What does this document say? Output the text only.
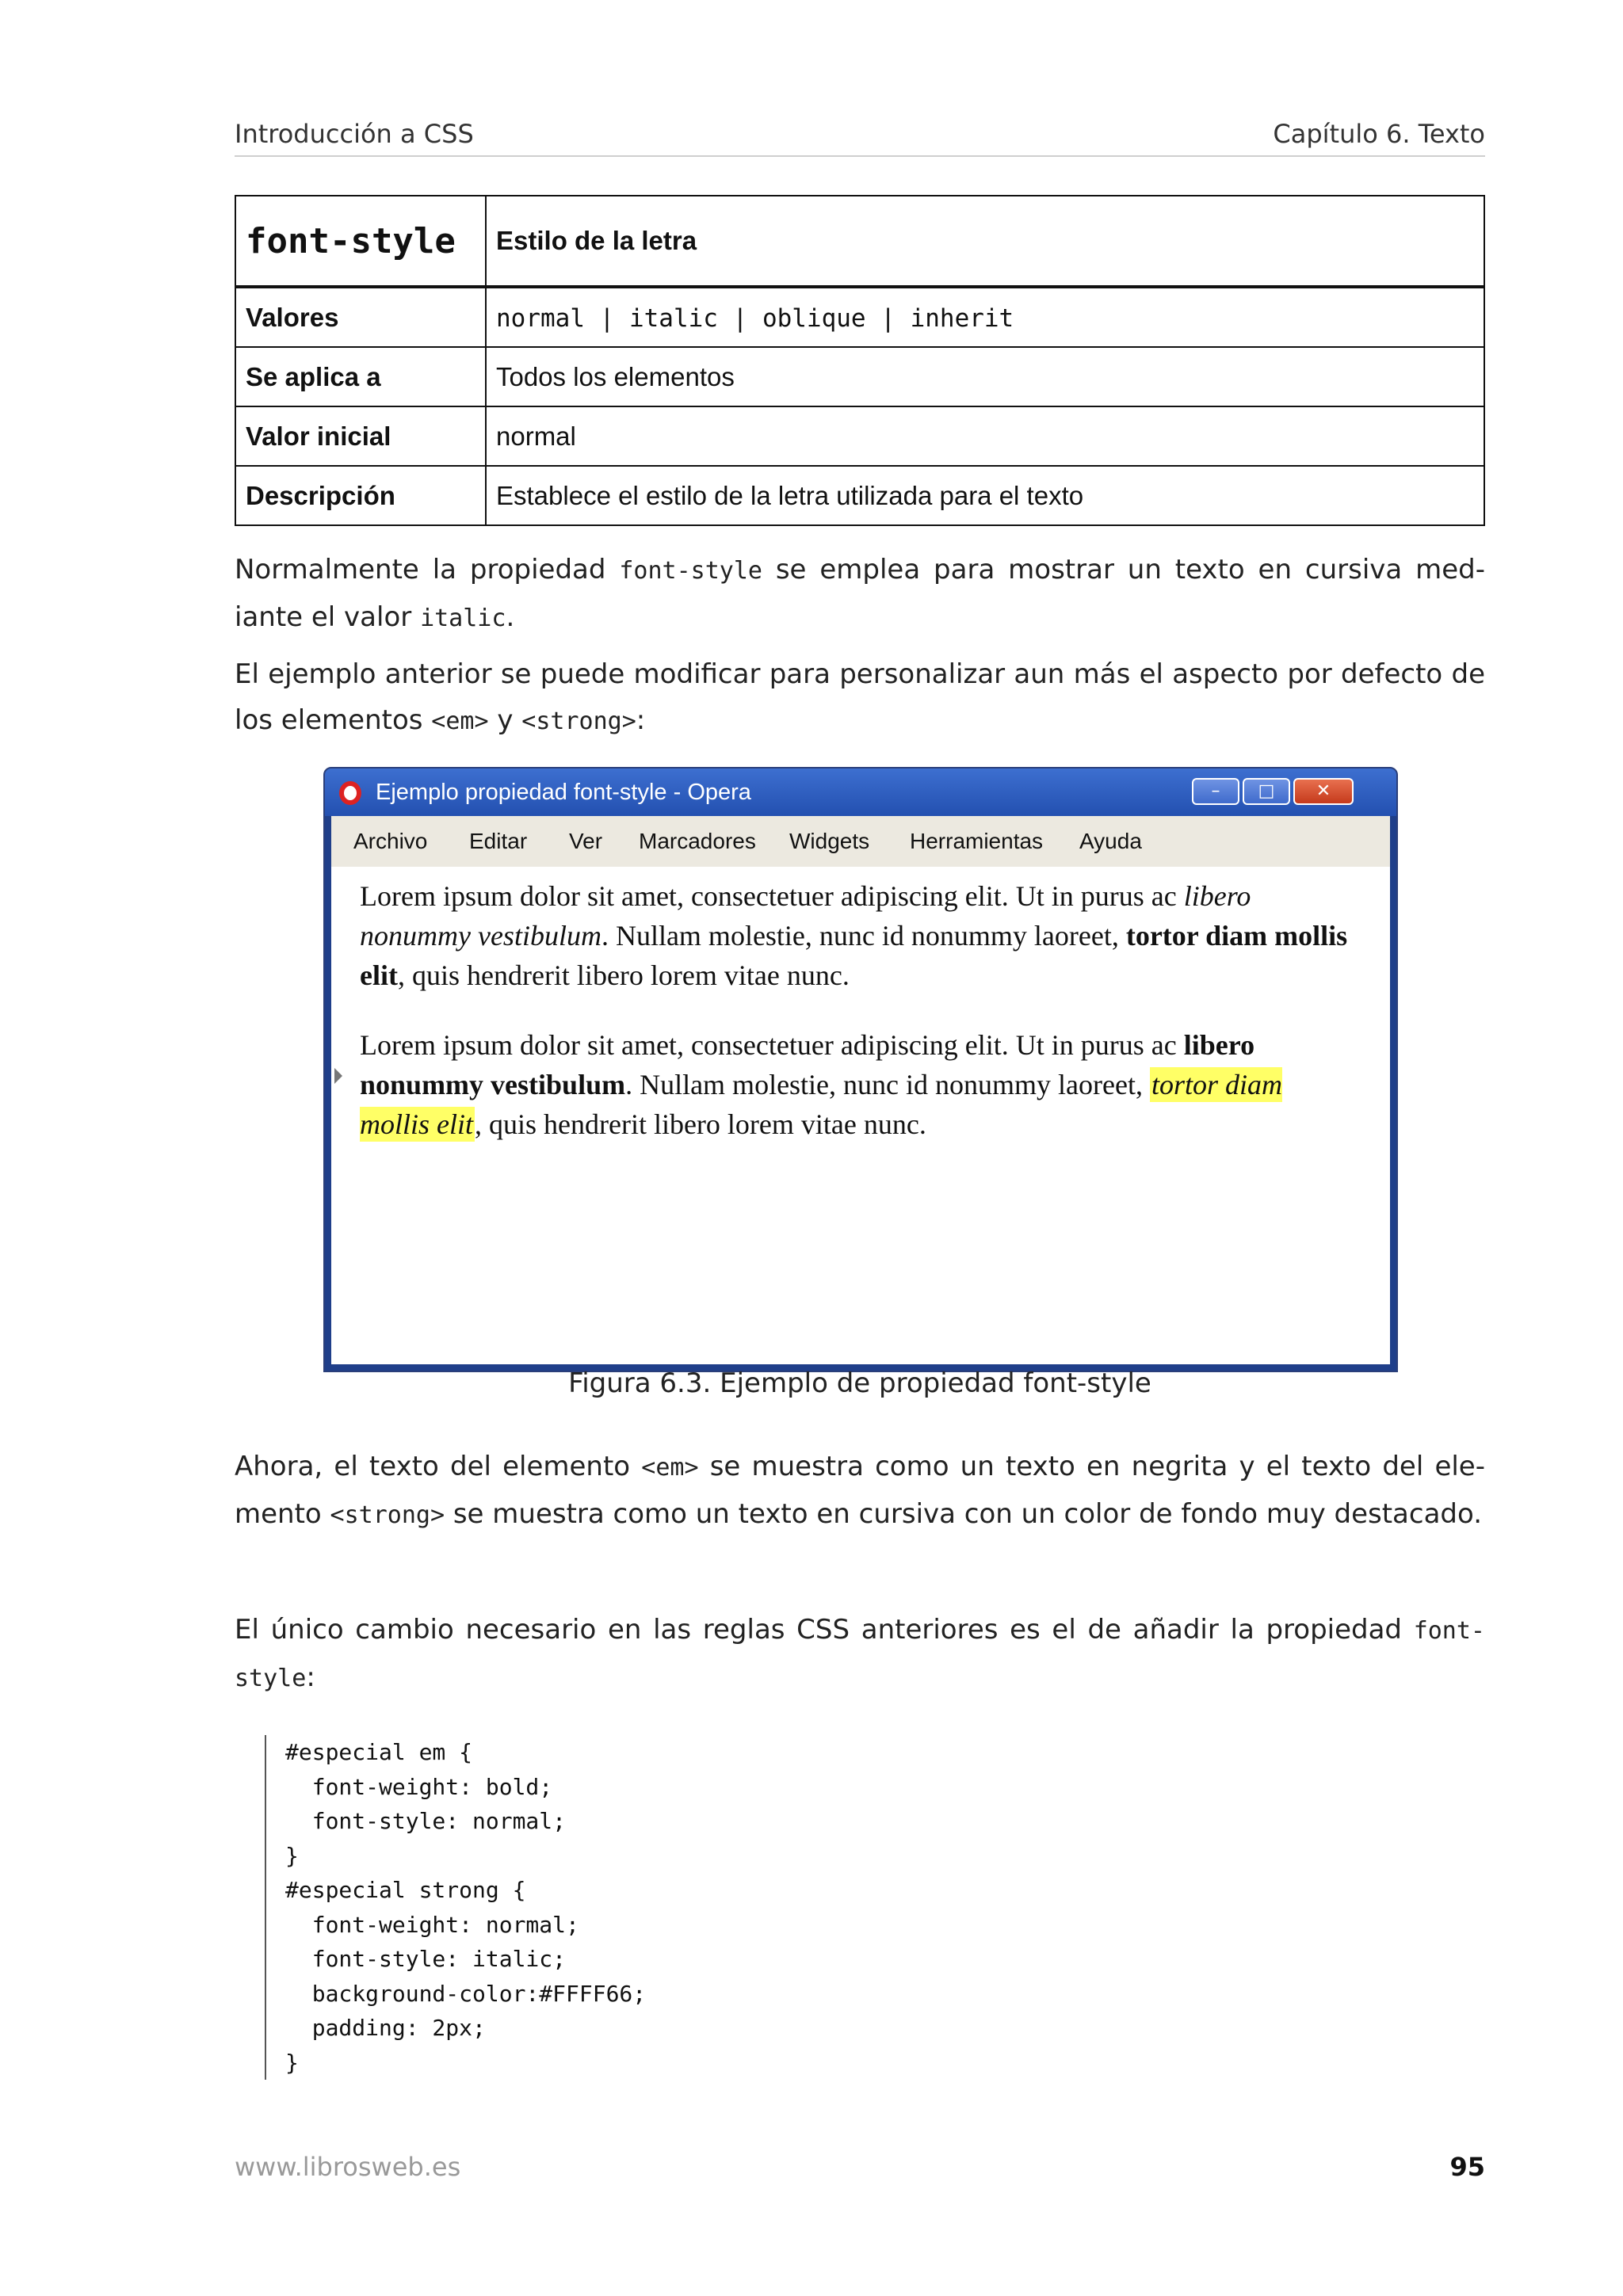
Introducción a CSS	Capítulo 6. Texto
font-style	Estilo de la letra
Valores	normal | italic | oblique | inherit
Se aplica a	Todos los elementos
Valor inicial	normal
Descripción	Establece el estilo de la letra utilizada para el texto
Normalmente la propiedad font-style se emplea para mostrar un texto en cursiva med-iante el valor italic.
El ejemplo anterior se puede modificar para personalizar aun más el aspecto por defecto de los elementos <em> y <strong>:
Ejemplo propiedad font-style - Opera	–	□	✕
Archivo Editar Ver Marcadores Widgets Herramientas Ayuda
Lorem ipsum dolor sit amet, consectetuer adipiscing elit. Ut in purus ac libero nonummy vestibulum. Nullam molestie, nunc id nonummy laoreet, tortor diam mollis elit, quis hendrerit libero lorem vitae nunc.
Lorem ipsum dolor sit amet, consectetuer adipiscing elit. Ut in purus ac libero nonummy vestibulum. Nullam molestie, nunc id nonummy laoreet, tortor diam mollis elit, quis hendrerit libero lorem vitae nunc.
Figura 6.3. Ejemplo de propiedad font-style
Ahora, el texto del elemento <em> se muestra como un texto en negrita y el texto del ele-mento <strong> se muestra como un texto en cursiva con un color de fondo muy destacado.
El único cambio necesario en las reglas CSS anteriores es el de añadir la propiedad font-style:
#especial em {
font-weight: bold;
font-style: normal;
}
#especial strong {
font-weight: normal;
font-style: italic;
background-color:#FFFF66;
padding: 2px;
}
www.librosweb.es	95
